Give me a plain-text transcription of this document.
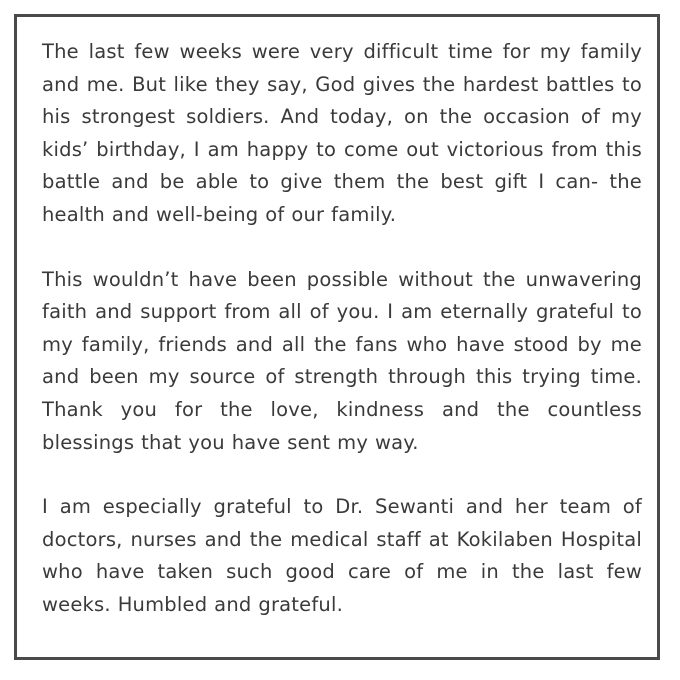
The last few weeks were very difficult time for my family and me. But like they say, God gives the hardest battles to his strongest soldiers. And today, on the occasion of my kids’ birthday, I am happy to come out victorious from this battle and be able to give them the best gift I can- the health and well-being of our family.

This wouldn’t have been possible without the unwavering faith and support from all of you. I am eternally grateful to my family, friends and all the fans who have stood by me and been my source of strength through this trying time. Thank you for the love, kindness and the countless blessings that you have sent my way.

I am especially grateful to Dr. Sewanti and her team of doctors, nurses and the medical staff at Kokilaben Hospital who have taken such good care of me in the last few weeks. Humbled and grateful.
